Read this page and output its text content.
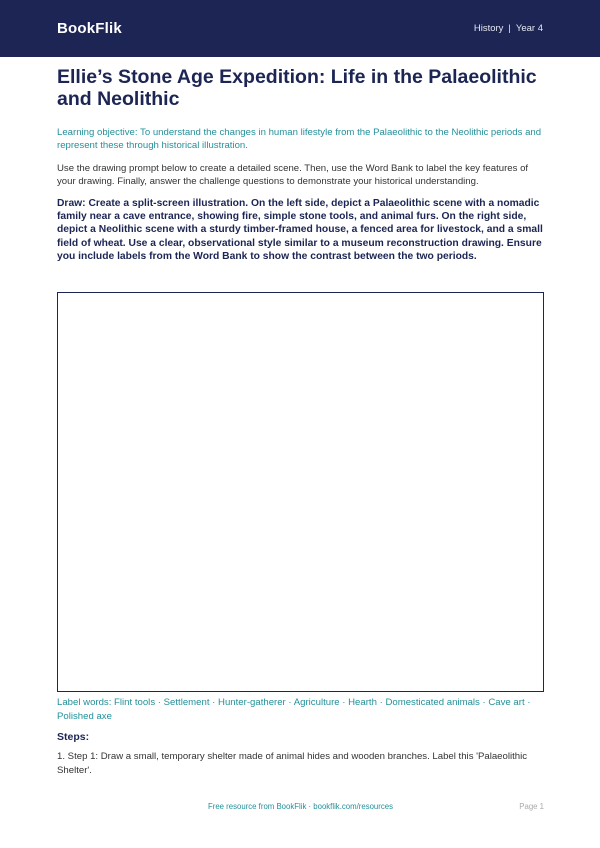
BookFlik	History | Year 4
Ellie’s Stone Age Expedition: Life in the Palaeolithic and Neolithic

Learning objective: To understand the changes in human lifestyle from the Palaeolithic to the Neolithic periods and represent these through historical illustration.

Use the drawing prompt below to create a detailed scene. Then, use the Word Bank to label the key features of your drawing. Finally, answer the challenge questions to demonstrate your historical understanding.

Draw: Create a split-screen illustration. On the left side, depict a Palaeolithic scene with a nomadic family near a cave entrance, showing fire, simple stone tools, and animal furs. On the right side, depict a Neolithic scene with a sturdy timber-framed house, a fenced area for livestock, and a small field of wheat. Use a clear, observational style similar to a museum reconstruction drawing. Ensure you include labels from the Word Bank to show the contrast between the two periods.

Label words: Flint tools · Settlement · Hunter-gatherer · Agriculture · Hearth · Domesticated animals · Cave art · Polished axe

Steps:

1. Step 1: Draw a small, temporary shelter made of animal hides and wooden branches. Label this 'Palaeolithic Shelter'.

Free resource from BookFlik · bookflik.com/resources	Page 1
